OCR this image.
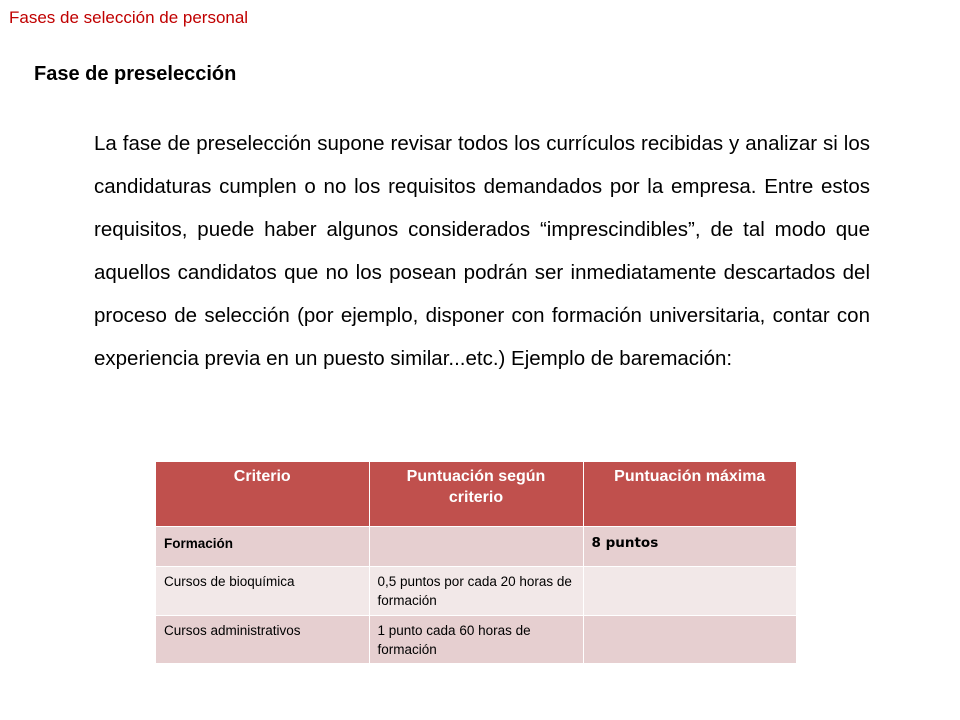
Fases de selección de personal
Fase de preselección

La fase de preselección supone revisar todos los currículos recibidas y analizar si los candidaturas cumplen o no los requisitos demandados por la empresa. Entre estos requisitos, puede haber algunos considerados “imprescindibles”, de tal modo que aquellos candidatos que no los posean podrán ser inmediatamente descartados del proceso de selección (por ejemplo, disponer con formación universitaria, contar con experiencia previa en un puesto similar...etc.) Ejemplo de baremación:

Criterio	Puntuación según criterio	Puntuación máxima
Formación		8 puntos
Cursos de bioquímica	0,5 puntos por cada 20 horas de formación	
Cursos administrativos	1 punto cada 60 horas de formación	
